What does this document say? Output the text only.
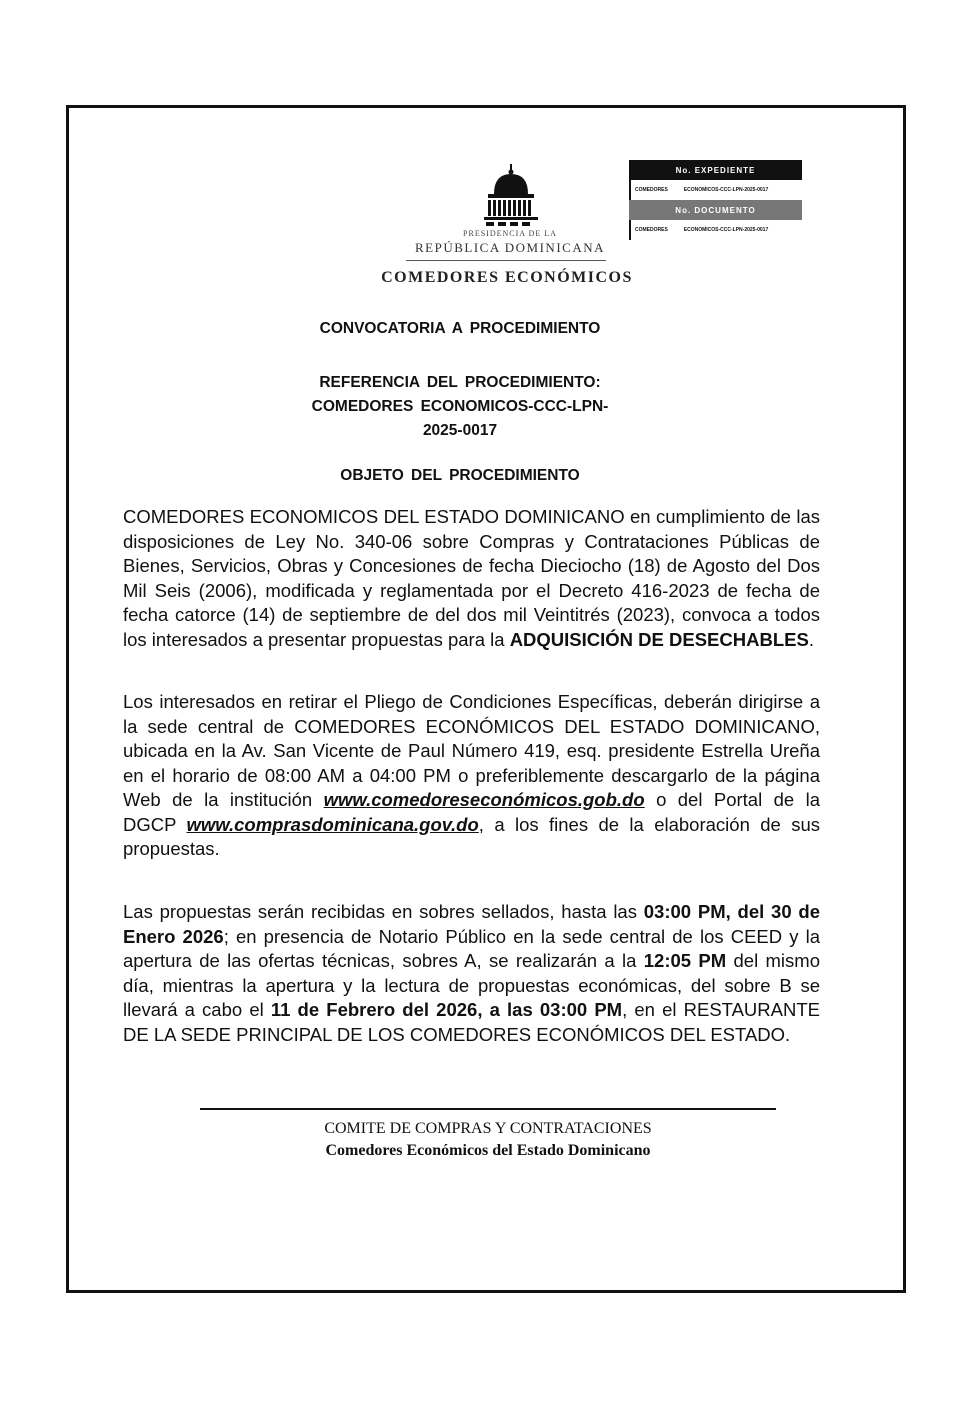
PRESIDENCIA DE LA
REPÚBLICA DOMINICANA
COMEDORES ECONÓMICOS
No. EXPEDIENTE
COMEDORES	ECONOMICOS-CCC-LPN-2025-0017
No. DOCUMENTO
COMEDORES	ECONOMICOS-CCC-LPN-2025-0017
CONVOCATORIA A PROCEDIMIENTO
REFERENCIA DEL PROCEDIMIENTO:
COMEDORES ECONOMICOS-CCC-LPN-
2025-0017
OBJETO DEL PROCEDIMIENTO
COMEDORES ECONOMICOS DEL ESTADO DOMINICANO en cumplimiento de las disposiciones de Ley No. 340-06 sobre Compras y Contrataciones Públicas de Bienes, Servicios, Obras y Concesiones de fecha Dieciocho (18) de Agosto del Dos Mil Seis (2006), modificada y reglamentada por el Decreto 416-2023 de fecha de fecha catorce (14) de septiembre de del dos mil Veintitrés (2023), convoca a todos los interesados a presentar propuestas para la ADQUISICIÓN DE DESECHABLES.
Los interesados en retirar el Pliego de Condiciones Específicas, deberán dirigirse a la sede central de COMEDORES ECONÓMICOS DEL ESTADO DOMINICANO, ubicada en la Av. San Vicente de Paul Número 419, esq. presidente Estrella Ureña en el horario de 08:00 AM a 04:00 PM o preferiblemente descargarlo de la página Web de la institución www.comedoreseconómicos.gob.do o del Portal de la DGCP www.comprasdominicana.gov.do, a los fines de la elaboración de sus propuestas.
Las propuestas serán recibidas en sobres sellados, hasta las 03:00 PM, del 30 de Enero 2026; en presencia de Notario Público en la sede central de los CEED y la apertura de las ofertas técnicas, sobres A, se realizarán a la 12:05 PM del mismo día, mientras la apertura y la lectura de propuestas económicas, del sobre B se llevará a cabo el 11 de Febrero del 2026, a las 03:00 PM, en el RESTAURANTE DE LA SEDE PRINCIPAL DE LOS COMEDORES ECONÓMICOS DEL ESTADO.
COMITE DE COMPRAS Y CONTRATACIONES
Comedores Económicos del Estado Dominicano
